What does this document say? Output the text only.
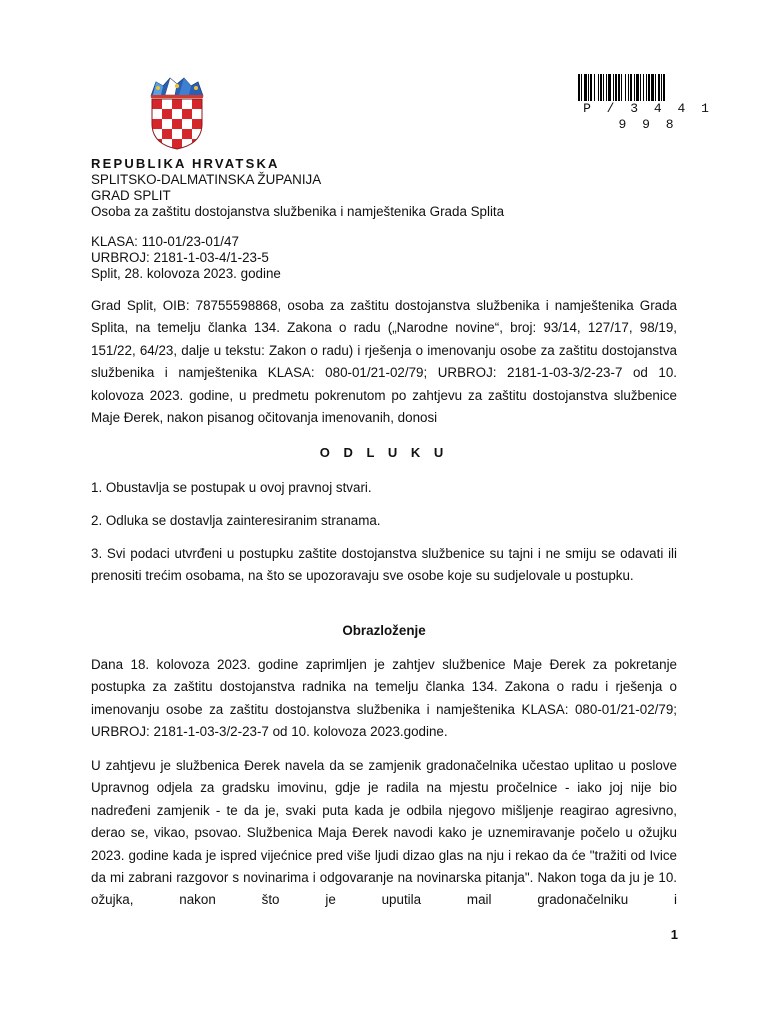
P / 3 4 4 1 9 9 8
REPUBLIKA HRVATSKA
SPLITSKO-DALMATINSKA ŽUPANIJA
GRAD SPLIT
Osoba za zaštitu dostojanstva službenika i namještenika Grada Splita
KLASA: 110-01/23-01/47
URBROJ: 2181-1-03-4/1-23-5
Split, 28. kolovoza 2023. godine
Grad Split, OIB: 78755598868, osoba za zaštitu dostojanstva službenika i namještenika Grada Splita, na temelju članka 134. Zakona o radu („Narodne novine“, broj: 93/14, 127/17, 98/19, 151/22, 64/23, dalje u tekstu: Zakon o radu) i rješenja o imenovanju osobe za zaštitu dostojanstva službenika i namještenika KLASA: 080-01/21-02/79; URBROJ: 2181-1-03-3/2-23-7 od 10. kolovoza 2023. godine, u predmetu pokrenutom po zahtjevu za zaštitu dostojanstva službenice Maje Đerek, nakon pisanog očitovanja imenovanih, donosi
O D L U K U
1. Obustavlja se postupak u ovoj pravnoj stvari.
2. Odluka se dostavlja zainteresiranim stranama.
3. Svi podaci utvrđeni u postupku zaštite dostojanstva službenice su tajni i ne smiju se odavati ili prenositi trećim osobama, na što se upozoravaju sve osobe koje su sudjelovale u postupku.
Obrazloženje
Dana 18. kolovoza 2023. godine zaprimljen je zahtjev službenice Maje Đerek za pokretanje postupka za zaštitu dostojanstva radnika na temelju članka 134. Zakona o radu i rješenja o imenovanju osobe za zaštitu dostojanstva službenika i namještenika KLASA: 080-01/21-02/79; URBROJ: 2181-1-03-3/2-23-7 od 10. kolovoza 2023.godine.
U zahtjevu je službenica Đerek navela da se zamjenik gradonačelnika učestao uplitao u poslove Upravnog odjela za gradsku imovinu, gdje je radila na mjestu pročelnice - iako joj nije bio nadređeni zamjenik - te da je, svaki puta kada je odbila njegovo mišljenje reagirao agresivno, derao se, vikao, psovao. Službenica Maja Đerek navodi kako je uznemiravanje počelo u ožujku 2023. godine kada je ispred vijećnice pred više ljudi dizao glas na nju i rekao da će "tražiti od Ivice da mi zabrani razgovor s novinarima i odgovaranje na novinarska pitanja". Nakon toga da ju je 10. ožujka, nakon što je uputila mail gradonačelniku i
1
